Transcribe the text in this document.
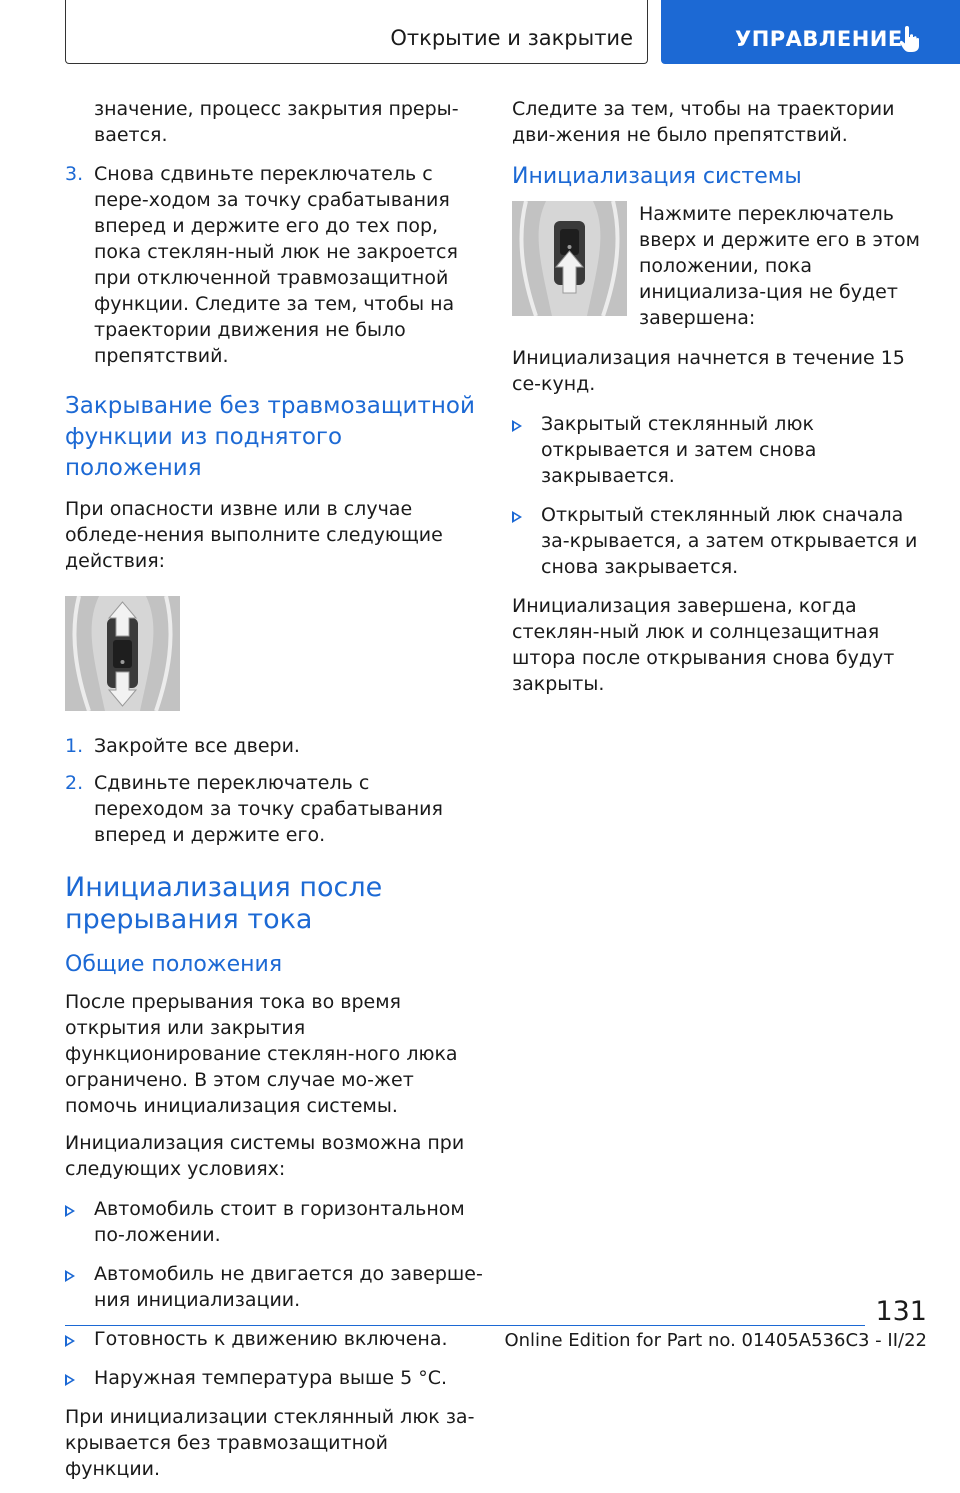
Открытие и закрытие	УПРАВЛЕНИЕ
значение, процесс закрытия преры-вается.
3. Снова сдвиньте переключатель с пере-ходом за точку срабатывания вперед и держите его до тех пор, пока стеклян-ный люк не закроется при отключенной травмозащитной функции. Следите за тем, чтобы на траектории движения не было препятствий.
Закрывание без травмозащитной функции из поднятого положения

При опасности извне или в случае обледе-нения выполните следующие действия:

1. Закройте все двери.
2. Сдвиньте переключатель с переходом за точку срабатывания вперед и держите его.
Инициализация после прерывания тока
Общие положения

После прерывания тока во время открытия или закрытия функционирование стеклян-ного люка ограничено. В этом случае мо-жет помочь инициализация системы.

Инициализация системы возможна при следующих условиях:

Автомобиль стоит в горизонтальном по-ложении.
Автомобиль не двигается до заверше-ния инициализации.
Готовность к движению включена.
Наружная температура выше 5 °C.

При инициализации стеклянный люк за-крывается без травмозащитной функции.

Следите за тем, чтобы на траектории дви-жения не было препятствий.

Инициализация системы
Нажмите переключатель вверх и держите его в этом положении, пока инициализа-ция не будет завершена:

Инициализация начнется в течение 15 се-кунд.

Закрытый стеклянный люк открывается и затем снова закрывается.
Открытый стеклянный люк сначала за-крывается, а затем открывается и снова закрывается.

Инициализация завершена, когда стеклян-ный люк и солнцезащитная штора после открывания снова будут закрыты.

131
Online Edition for Part no. 01405A536C3 - II/22
